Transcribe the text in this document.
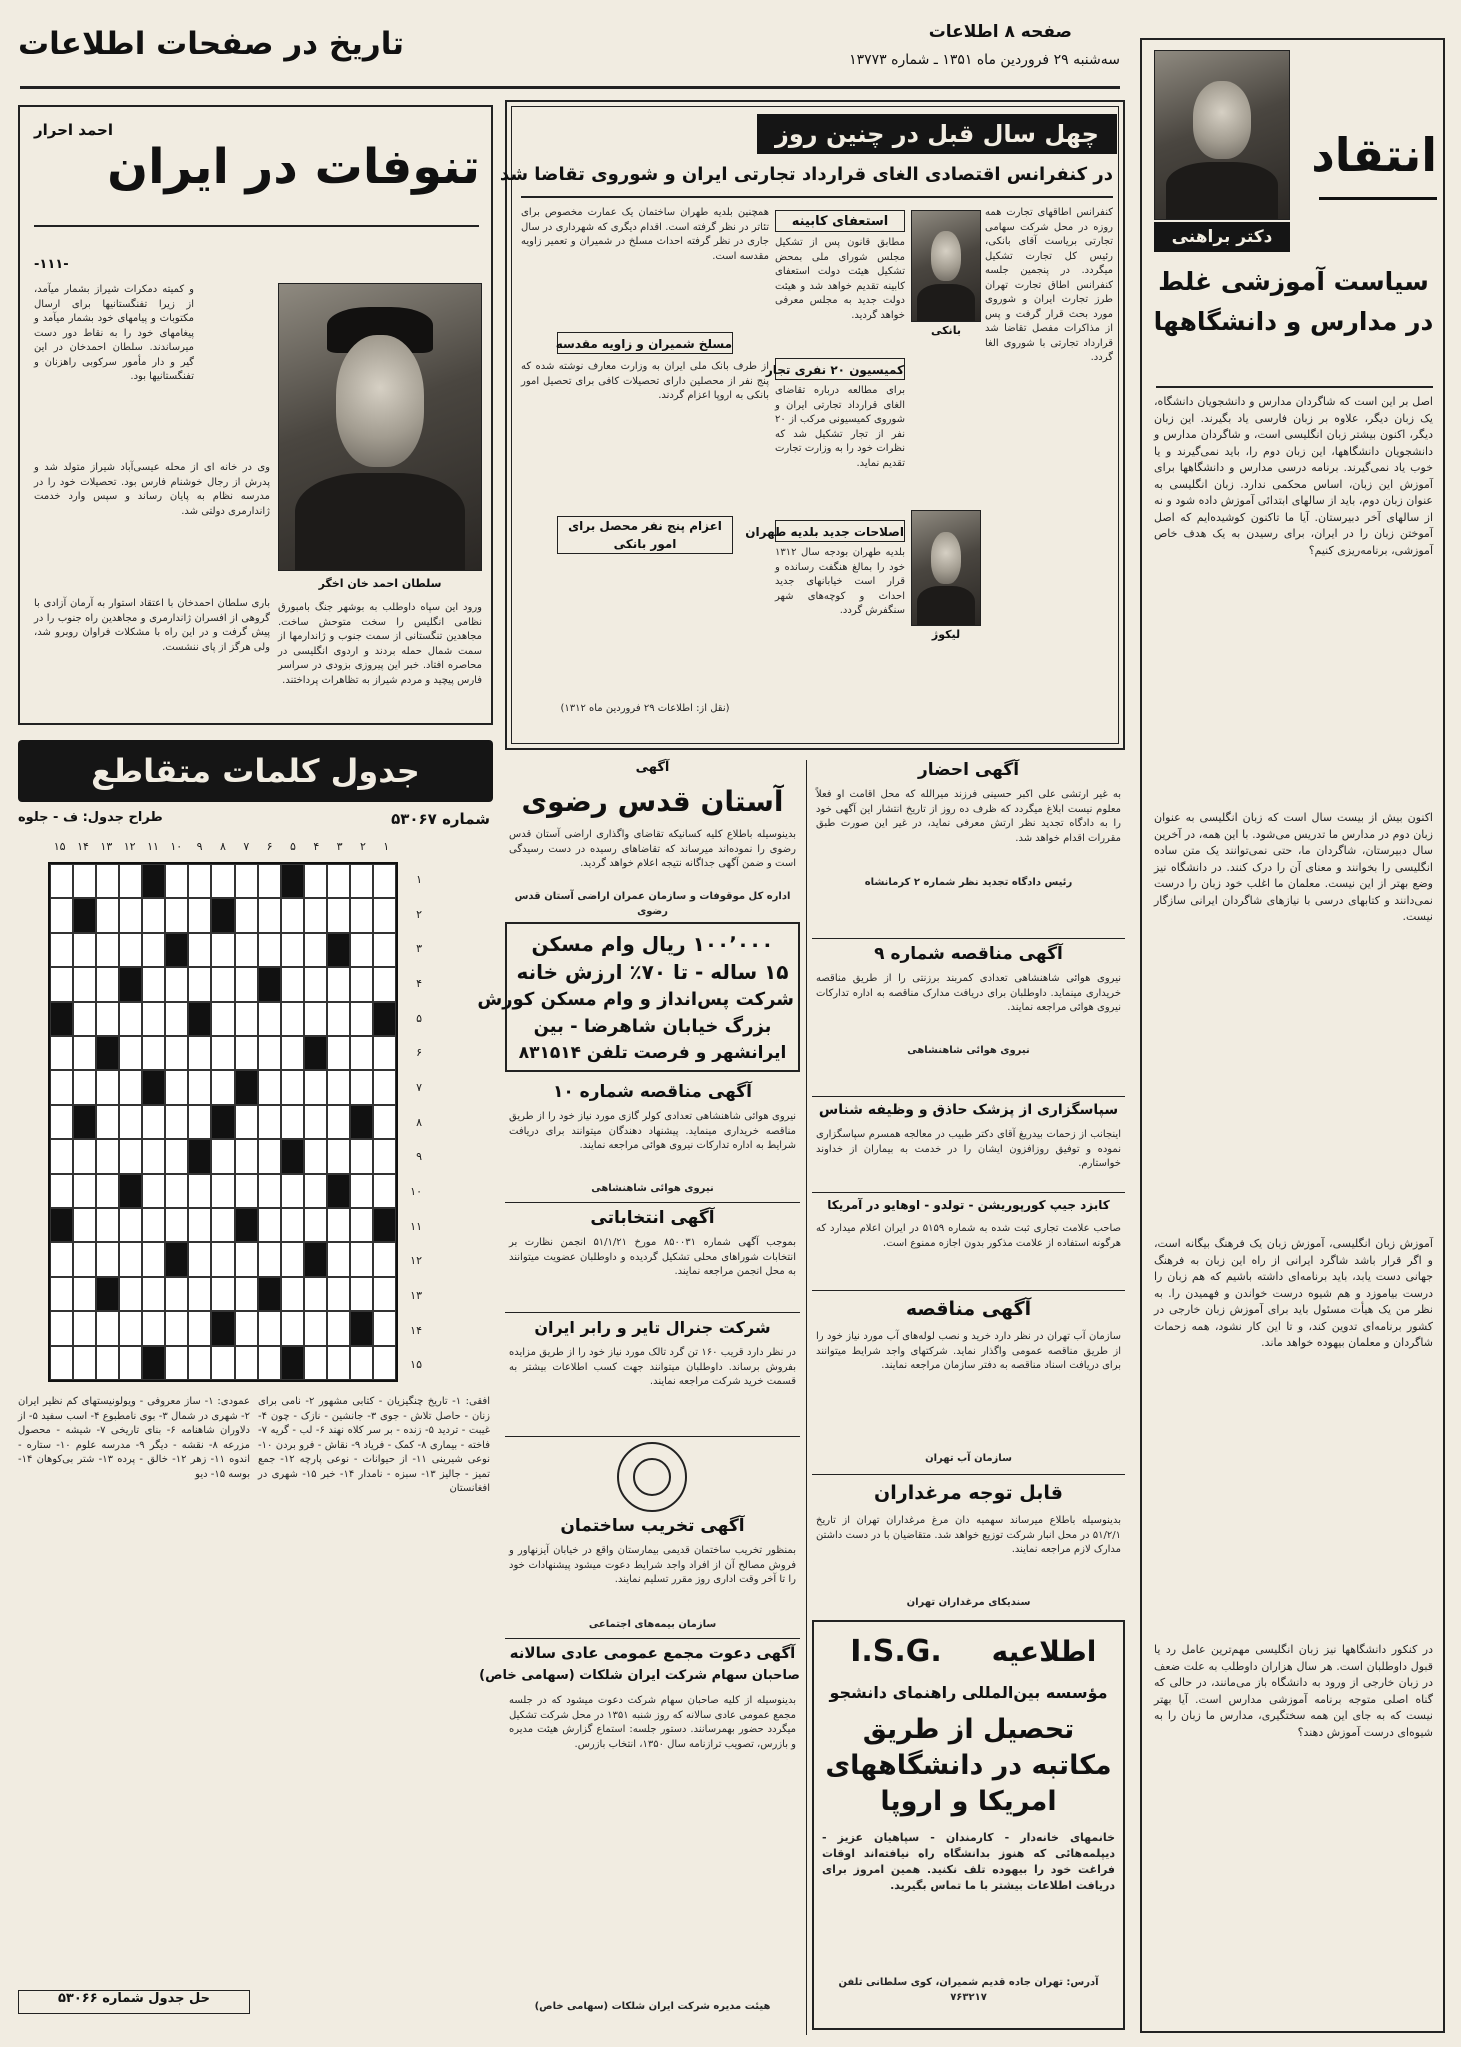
تاریخ در صفحات اطلاعات	صفحه ۸ اطلاعات
سه‌شنبه ۲۹ فروردین ماه ۱۳۵۱ ـ شماره ۱۳۷۷۳
انتقاد
دکتر براهنی
سیاست آموزشی غلط در مدارس و دانشگاهها
اصل بر این است که شاگردان مدارس و دانشجویان دانشگاه، یک زبان دیگر، علاوه بر زبان فارسی یاد بگیرند. این زبان دیگر، اکنون بیشتر زبان انگلیسی است، و شاگردان مدارس و دانشجویان دانشگاهها، این زبان دوم را، باید نمی‌گیرند و یا خوب یاد نمی‌گیرند. برنامه درسی مدارس و دانشگاهها برای آموزش این زبان، اساس محکمی ندارد. زبان انگلیسی به عنوان زبان دوم، باید از سالهای ابتدائی آموزش داده شود و نه از سالهای آخر دبیرستان. آیا ما تاکنون کوشیده‌ایم که اصل آموختن زبان را در ایران، برای رسیدن به یک هدف خاص آموزشی، برنامه‌ریزی کنیم؟
اکنون بیش از بیست سال است که زبان انگلیسی به عنوان زبان دوم در مدارس ما تدریس می‌شود. با این همه، در آخرین سال دبیرستان، شاگردان ما، حتی نمی‌توانند یک متن ساده انگلیسی را بخوانند و معنای آن را درک کنند. در دانشگاه نیز وضع بهتر از این نیست. معلمان ما اغلب خود زبان را درست نمی‌دانند و کتابهای درسی با نیازهای شاگردان ایرانی سازگار نیست.
آموزش زبان انگلیسی، آموزش زبان یک فرهنگ بیگانه است، و اگر قرار باشد شاگرد ایرانی از راه این زبان به فرهنگ جهانی دست یابد، باید برنامه‌ای داشته باشیم که هم زبان را درست بیاموزد و هم شیوه درست خواندن و فهمیدن را. به نظر من یک هیأت مسئول باید برای آموزش زبان خارجی در کشور برنامه‌ای تدوین کند، و تا این کار نشود، همه زحمات شاگردان و معلمان بیهوده خواهد ماند.
در کنکور دانشگاهها نیز زبان انگلیسی مهم‌ترین عامل رد یا قبول داوطلبان است. هر سال هزاران داوطلب به علت ضعف در زبان خارجی از ورود به دانشگاه باز می‌مانند، در حالی که گناه اصلی متوجه برنامه آموزشی مدارس است. آیا بهتر نیست که به جای این همه سختگیری، مدارس ما زبان را به شیوه‌ای درست آموزش دهند؟
چهل سال قبل در چنین روز
در کنفرانس اقتصادی الغای قرارداد تجارتی ایران و شوروی تقاضا شد
کنفرانس اطاقهای تجارت همه روزه در محل شرکت سهامی تجارتی بریاست آقای بانکی، رئیس کل تجارت تشکیل میگردد. در پنجمین جلسه کنفرانس اطاق تجارت تهران طرز تجارت ایران و شوروی مورد بحث قرار گرفت و پس از مذاکرات مفصل تقاضا شد قرارداد تجارتی با شوروی الغا گردد.
بانکی
لیکوژ
استعفای کابینه
مطابق قانون پس از تشکیل مجلس شورای ملی بمحض تشکیل هیئت دولت استعفای کابینه تقدیم خواهد شد و هیئت دولت جدید به مجلس معرفی خواهد گردید.
کمیسیون ۲۰ نفری تجار
برای مطالعه درباره تقاضای الغای قرارداد تجارتی ایران و شوروی کمیسیونی مرکب از ۲۰ نفر از تجار تشکیل شد که نظرات خود را به وزارت تجارت تقدیم نماید.
اصلاحات جدید بلدیه طهران
بلدیه طهران بودجه سال ۱۳۱۲ خود را بمالغ هنگفت رسانده و قرار است خیابانهای جدید احداث و کوچه‌های شهر سنگفرش گردد.
همچنین بلدیه طهران ساختمان یک عمارت مخصوص برای تئاتر در نظر گرفته است. اقدام دیگری که شهرداری در سال جاری در نظر گرفته احداث مسلخ در شمیران و تعمیر زاویه مقدسه است.
مسلخ شمیران و زاویه مقدسه
از طرف بانک ملی ایران به وزارت معارف نوشته شده که پنج نفر از محصلین دارای تحصیلات کافی برای تحصیل امور بانکی به اروپا اعزام گردند.
اعزام پنج نفر محصل برای امور بانکی
(نقل از: اطلاعات ۲۹ فروردین ماه ۱۳۱۲)
تنوفات در ایران
احمد احرار
-۱۱۱-
و کمیته دمکرات شیراز بشمار میآمد، از زیرا تفنگستانیها برای ارسال مکتوبات و پیامهای خود بشمار میآمد و پیغامهای خود را به نقاط دور دست میرساندند. سلطان احمدخان در این گیر و دار مأمور سرکوبی راهزنان و تفنگستانیها بود.
سلطان احمد خان اخگر
وی در خانه ای از محله عیسی‌آباد شیراز متولد شد و پدرش از رجال خوشنام فارس بود. تحصیلات خود را در مدرسه نظام به پایان رساند و سپس وارد خدمت ژاندارمری دولتی شد.
ورود این سپاه داوطلب به بوشهر جنگ بامبورق نظامی انگلیس را سخت متوحش ساخت. مجاهدین تنگستانی از سمت جنوب و ژاندارمها از سمت شمال حمله بردند و اردوی انگلیسی در محاصره افتاد. خبر این پیروزی بزودی در سراسر فارس پیچید و مردم شیراز به تظاهرات پرداختند.
باری سلطان احمدخان با اعتقاد استوار به آرمان آزادی با گروهی از افسران ژاندارمری و مجاهدین راه جنوب را در پیش گرفت و در این راه با مشکلات فراوان روبرو شد، ولی هرگز از پای ننشست.
جدول کلمات متقاطع
شماره ۵۳۰۶۷
طراح جدول: ف - جلوه
۱۵	۱۴	۱۳	۱۲	۱۱	۱۰	۹	۸	۷	۶	۵	۴	۳	۲	۱
۱
۲
۳
۴
۵
۶
۷
۸
۹
۱۰
۱۱
۱۲
۱۳
۱۴
۱۵
افقی: ۱- تاریخ چنگیزیان - کتابی مشهور ۲- نامی برای زنان - حاصل تلاش - جوی ۳- جانشین - نازک - چون ۴- غیبت - تردید ۵- زنده - بر سر کلاه نهند ۶- لب - گریه ۷- فاخته - بیماری ۸- کمک - فریاد ۹- نقاش - فرو بردن ۱۰- نوعی شیرینی ۱۱- از حیوانات - نوعی پارچه ۱۲- جمع تمیز - جالیز ۱۳- سبزه - نامدار ۱۴- خبر ۱۵- شهری در افغانستان
عمودی: ۱- ساز معروفی - ویولونیستهای کم نظیر ایران ۲- شهری در شمال ۳- بوی نامطبوع ۴- اسب سفید ۵- از دلاوران شاهنامه ۶- بنای تاریخی ۷- شیشه - محصول مزرعه ۸- نقشه - دیگر ۹- مدرسه علوم ۱۰- ستاره - اندوه ۱۱- زهر ۱۲- خالق - پرده ۱۳- شتر بی‌کوهان ۱۴- بوسه ۱۵- دیو
حل جدول شماره ۵۳۰۶۶
آگهی
آستان قدس رضوی
بدینوسیله باطلاع کلیه کسانیکه تقاضای واگذاری اراضی آستان قدس رضوی را نموده‌اند میرساند که تقاضاهای رسیده در دست رسیدگی است و ضمن آگهی جداگانه نتیجه اعلام خواهد گردید.
اداره کل موقوفات و سازمان عمران اراضی آستان قدس رضوی
۱۰۰٬۰۰۰ ریال وام مسکن
۱۵ ساله - تا ۷۰٪ ارزش خانه
شرکت پس‌انداز و وام مسکن کورش
بزرگ خیابان شاهرضا - بین
ایرانشهر و فرصت تلفن ۸۳۱۵۱۴
آگهی مناقصه شماره ۱۰
نیروی هوائی شاهنشاهی تعدادی کولر گازی مورد نیاز خود را از طریق مناقصه خریداری مینماید. پیشنهاد دهندگان میتوانند برای دریافت شرایط به اداره تدارکات نیروی هوائی مراجعه نمایند.
نیروی هوائی شاهنشاهی
آگهی انتخاباتی
بموجب آگهی شماره ۸۵۰۰۳۱ مورخ ۵۱/۱/۲۱ انجمن نظارت بر انتخابات شوراهای محلی تشکیل گردیده و داوطلبان عضویت میتوانند به محل انجمن مراجعه نمایند.
شرکت جنرال تایر و رابر ایران
در نظر دارد قریب ۱۶۰ تن گرد تالک مورد نیاز خود را از طریق مزایده بفروش برساند. داوطلبان میتوانند جهت کسب اطلاعات بیشتر به قسمت خرید شرکت مراجعه نمایند.
آگهی تخریب ساختمان
بمنظور تخریب ساختمان قدیمی بیمارستان واقع در خیابان آیزنهاور و فروش مصالح آن از افراد واجد شرایط دعوت میشود پیشنهادات خود را تا آخر وقت اداری روز مقرر تسلیم نمایند.
سازمان بیمه‌های اجتماعی
آگهی دعوت مجمع عمومی عادی سالانه
صاحبان سهام شرکت ایران شلکات (سهامی خاص)
بدینوسیله از کلیه صاحبان سهام شرکت دعوت میشود که در جلسه مجمع عمومی عادی سالانه که روز شنبه ۱۳۵۱ در محل شرکت تشکیل میگردد حضور بهمرسانند. دستور جلسه: استماع گزارش هیئت مدیره و بازرس، تصویب ترازنامه سال ۱۳۵۰، انتخاب بازرس.
هیئت مدیره شرکت ایران شلکات (سهامی خاص)
آگهی احضار
به غیر ارتشی علی اکبر حسینی فرزند میرالله که محل اقامت او فعلاً معلوم نیست ابلاغ میگردد که ظرف ده روز از تاریخ انتشار این آگهی خود را به دادگاه تجدید نظر ارتش معرفی نماید، در غیر این صورت طبق مقررات اقدام خواهد شد.
رئیس دادگاه تجدید نظر شماره ۲ کرمانشاه
آگهی مناقصه شماره ۹
نیروی هوائی شاهنشاهی تعدادی کمربند برزنتی را از طریق مناقصه خریداری مینماید. داوطلبان برای دریافت مدارک مناقصه به اداره تدارکات نیروی هوائی مراجعه نمایند.
نیروی هوائی شاهنشاهی
سپاسگزاری از پزشک حاذق و وظیفه شناس
اینجانب از زحمات بیدریغ آقای دکتر طبیب در معالجه همسرم سپاسگزاری نموده و توفیق روزافزون ایشان را در خدمت به بیماران از خداوند خواستارم.
کابزد جیپ کورپوریشن - تولدو - اوهایو در آمریکا
صاحب علامت تجاری ثبت شده به شماره ۵۱۵۹ در ایران اعلام میدارد که هرگونه استفاده از علامت مذکور بدون اجازه ممنوع است.
آگهی مناقصه
سازمان آب تهران در نظر دارد خرید و نصب لوله‌های آب مورد نیاز خود را از طریق مناقصه عمومی واگذار نماید. شرکتهای واجد شرایط میتوانند برای دریافت اسناد مناقصه به دفتر سازمان مراجعه نمایند.
سازمان آب تهران
قابل توجه مرغداران
بدینوسیله باطلاع میرساند سهمیه دان مرغ مرغداران تهران از تاریخ ۵۱/۲/۱ در محل انبار شرکت توزیع خواهد شد. متقاضیان با در دست داشتن مدارک لازم مراجعه نمایند.
سندیکای مرغداران تهران
I.S.G.	اطلاعیه
مؤسسه بین‌المللی راهنمای دانشجو
تحصیل از طریق مکاتبه در دانشگاههای امریکا و اروپا
خانمهای خانه‌دار - کارمندان - سپاهیان عزیز - دیپلمه‌هائی که هنوز بدانشگاه راه نیافته‌اند اوقات فراغت خود را بیهوده تلف نکنید. همین امروز برای دریافت اطلاعات بیشتر با ما تماس بگیرید.
آدرس: تهران جاده قدیم شمیران، کوی سلطانی تلفن ۷۶۳۲۱۷
